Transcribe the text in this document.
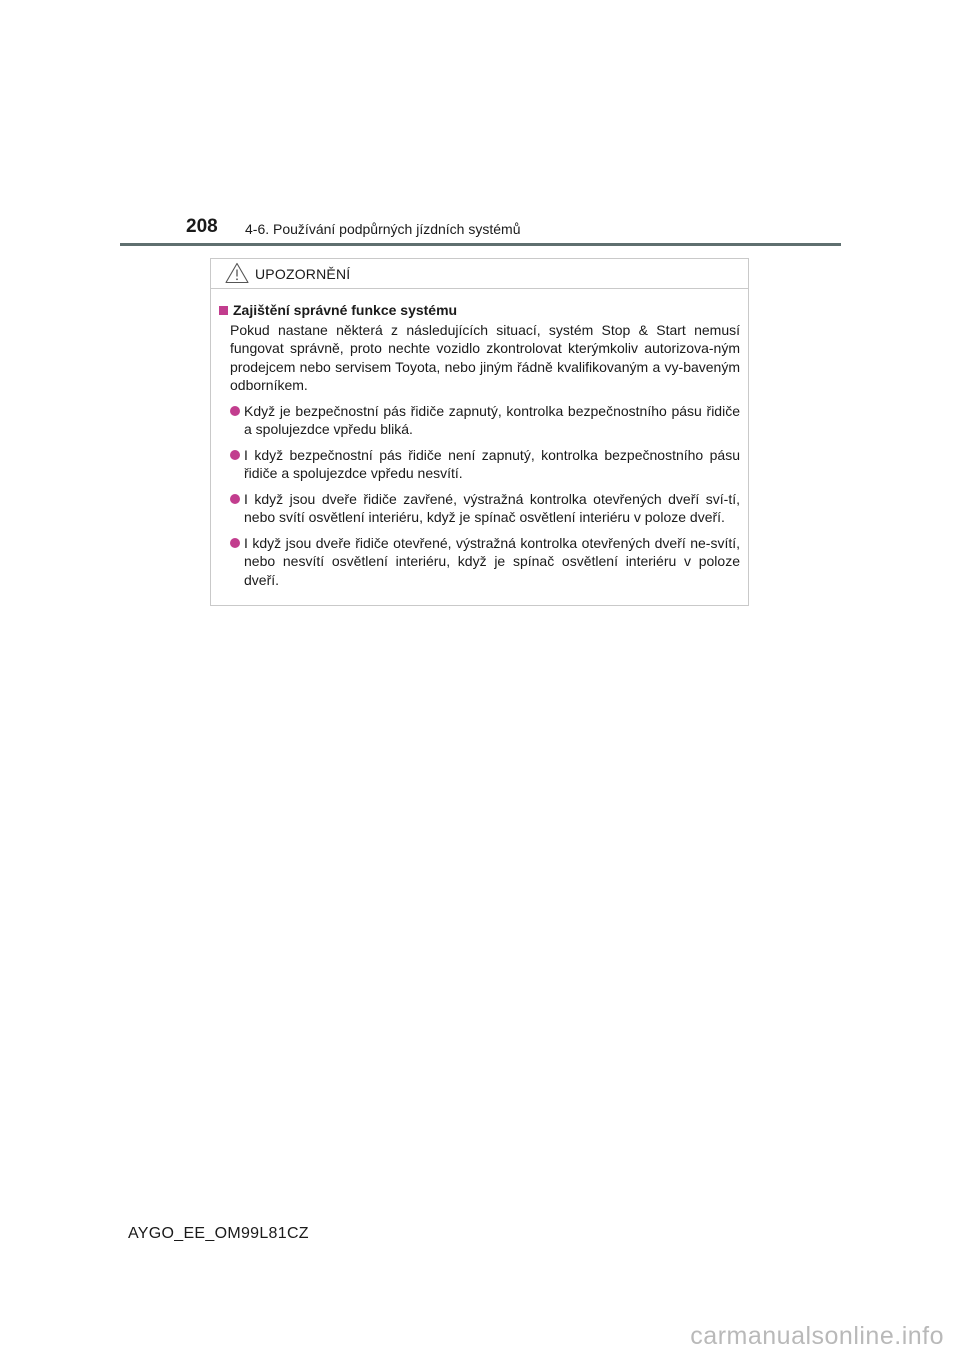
208 4-6. Používání podpůrných jízdních systémů
UPOZORNĚNÍ
Zajištění správné funkce systému
Pokud nastane některá z následujících situací, systém Stop & Start nemusí fungovat správně, proto nechte vozidlo zkontrolovat kterýmkoliv autorizova-ným prodejcem nebo servisem Toyota, nebo jiným řádně kvalifikovaným a vy-baveným odborníkem.
Když je bezpečnostní pás řidiče zapnutý, kontrolka bezpečnostního pásu řidiče a spolujezdce vpředu bliká.
I když bezpečnostní pás řidiče není zapnutý, kontrolka bezpečnostního pásu řidiče a spolujezdce vpředu nesvítí.
I když jsou dveře řidiče zavřené, výstražná kontrolka otevřených dveří sví-tí, nebo svítí osvětlení interiéru, když je spínač osvětlení interiéru v poloze dveří.
I když jsou dveře řidiče otevřené, výstražná kontrolka otevřených dveří ne-svítí, nebo nesvítí osvětlení interiéru, když je spínač osvětlení interiéru v poloze dveří.
AYGO_EE_OM99L81CZ
carmanualsonline.info
